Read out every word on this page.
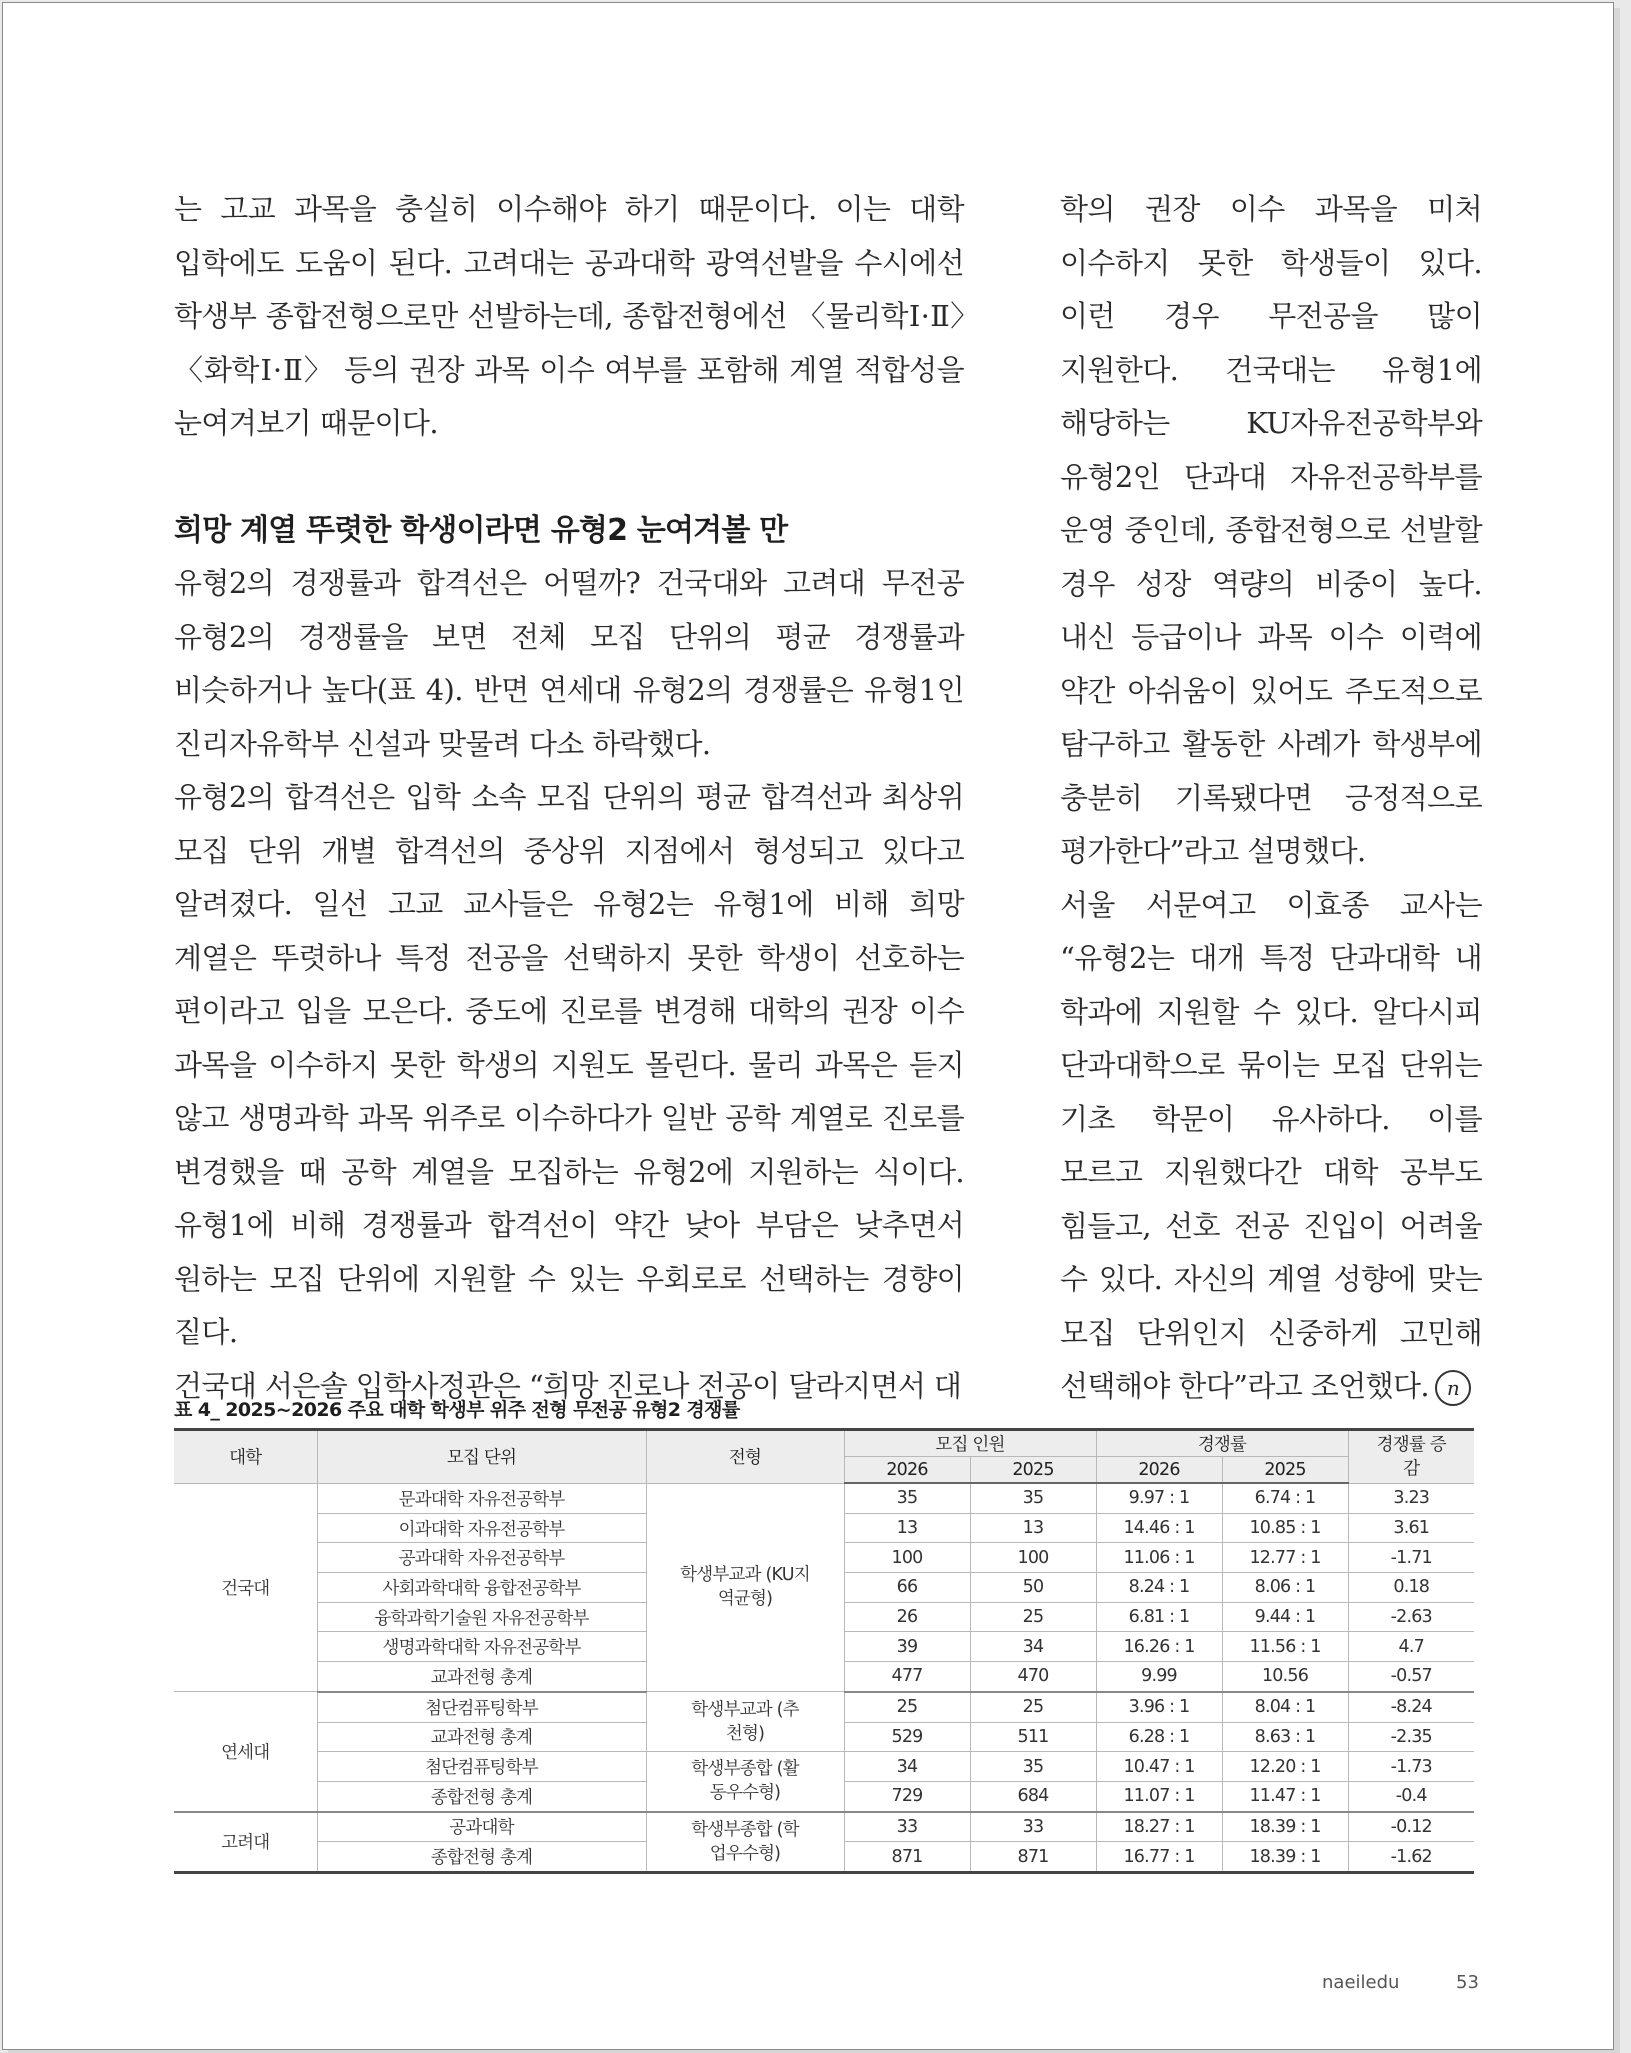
는 고교 과목을 충실히 이수해야 하기 때문이다. 이는 대학 입학에도 도움이 된다. 고려대는 공과대학 광역선발을 수시에선 학생부 종합전형으로만 선발하는데, 종합전형에선 〈물리학Ⅰ·Ⅱ〉〈화학Ⅰ·Ⅱ〉 등의 권장 과목 이수 여부를 포함해 계열 적합성을 눈여겨보기 때문이다.

희망 계열 뚜렷한 학생이라면 유형2 눈여겨볼 만

유형2의 경쟁률과 합격선은 어떨까? 건국대와 고려대 무전공 유형2의 경쟁률을 보면 전체 모집 단위의 평균 경쟁률과 비슷하거나 높다(표 4). 반면 연세대 유형2의 경쟁률은 유형1인 진리자유학부 신설과 맞물려 다소 하락했다.

유형2의 합격선은 입학 소속 모집 단위의 평균 합격선과 최상위 모집 단위 개별 합격선의 중상위 지점에서 형성되고 있다고 알려졌다. 일선 고교 교사들은 유형2는 유형1에 비해 희망 계열은 뚜렷하나 특정 전공을 선택하지 못한 학생이 선호하는 편이라고 입을 모은다. 중도에 진로를 변경해 대학의 권장 이수 과목을 이수하지 못한 학생의 지원도 몰린다. 물리 과목은 듣지 않고 생명과학 과목 위주로 이수하다가 일반 공학 계열로 진로를 변경했을 때 공학 계열을 모집하는 유형2에 지원하는 식이다. 유형1에 비해 경쟁률과 합격선이 약간 낮아 부담은 낮추면서 원하는 모집 단위에 지원할 수 있는 우회로로 선택하는 경향이 짙다.

건국대 서은솔 입학사정관은 “희망 진로나 전공이 달라지면서 대

학의 권장 이수 과목을 미처 이수하지 못한 학생들이 있다. 이런 경우 무전공을 많이 지원한다. 건국대는 유형1에 해당하는 KU자유전공학부와 유형2인 단과대 자유전공학부를 운영 중인데, 종합전형으로 선발할 경우 성장 역량의 비중이 높다. 내신 등급이나 과목 이수 이력에 약간 아쉬움이 있어도 주도적으로 탐구하고 활동한 사례가 학생부에 충분히 기록됐다면 긍정적으로 평가한다”라고 설명했다.

서울 서문여고 이효종 교사는 “유형2는 대개 특정 단과대학 내 학과에 지원할 수 있다. 알다시피 단과대학으로 묶이는 모집 단위는 기초 학문이 유사하다. 이를 모르고 지원했다간 대학 공부도 힘들고, 선호 전공 진입이 어려울 수 있다. 자신의 계열 성향에 맞는 모집 단위인지 신중하게 고민해 선택해야 한다”라고 조언했다. n

표 4_ 2025~2026 주요 대학 학생부 위주 전형 무전공 유형2 경쟁률
대학	모집 단위	전형	모집 인원		경쟁률		경쟁률 증감
			2026	2025	2026	2025	
건국대	문과대학 자유전공학부	학생부교과 (KU지역균형)	35	35	9.97 : 1	6.74 : 1	3.23
	이과대학 자유전공학부		13	13	14.46 : 1	10.85 : 1	3.61
	공과대학 자유전공학부		100	100	11.06 : 1	12.77 : 1	-1.71
	사회과학대학 융합전공학부		66	50	8.24 : 1	8.06 : 1	0.18
	융학과학기술원 자유전공학부		26	25	6.81 : 1	9.44 : 1	-2.63
	생명과학대학 자유전공학부		39	34	16.26 : 1	11.56 : 1	4.7
	교과전형 총계		477	470	9.99	10.56	-0.57
연세대	첨단컴퓨팅학부	학생부교과 (추천형)	25	25	3.96 : 1	8.04 : 1	-8.24
	교과전형 총계		529	511	6.28 : 1	8.63 : 1	-2.35
	첨단컴퓨팅학부	학생부종합 (활동우수형)	34	35	10.47 : 1	12.20 : 1	-1.73
	종합전형 총계		729	684	11.07 : 1	11.47 : 1	-0.4
고려대	공과대학	학생부종합 (학업우수형)	33	33	18.27 : 1	18.39 : 1	-0.12
	종합전형 총계		871	871	16.77 : 1	18.39 : 1	-1.62
naeiledu	53
